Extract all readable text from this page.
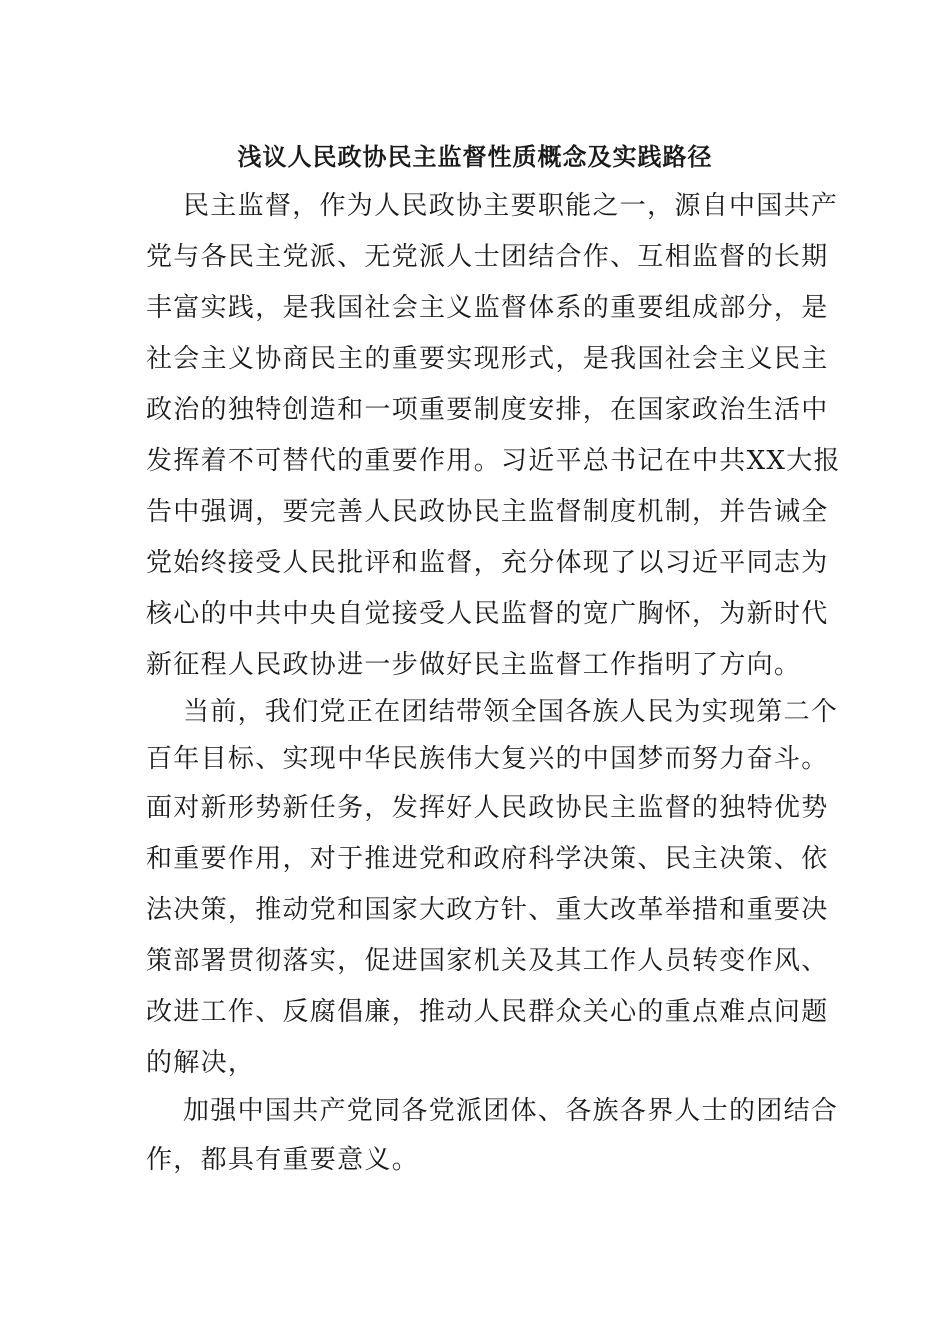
浅议人民政协民主监督性质概念及实践路径

民主监督，作为人民政协主要职能之一，源自中国共产

党与各民主党派、无党派人士团结合作、互相监督的长期

丰富实践，是我国社会主义监督体系的重要组成部分，是

社会主义协商民主的重要实现形式，是我国社会主义民主

政治的独特创造和一项重要制度安排，在国家政治生活中

发挥着不可替代的重要作用。习近平总书记在中共XX大报

告中强调，要完善人民政协民主监督制度机制，并告诫全

党始终接受人民批评和监督，充分体现了以习近平同志为

核心的中共中央自觉接受人民监督的宽广胸怀，为新时代

新征程人民政协进一步做好民主监督工作指明了方向。

当前，我们党正在团结带领全国各族人民为实现第二个

百年目标、实现中华民族伟大复兴的中国梦而努力奋斗。

面对新形势新任务，发挥好人民政协民主监督的独特优势

和重要作用，对于推进党和政府科学决策、民主决策、依

法决策，推动党和国家大政方针、重大改革举措和重要决

策部署贯彻落实，促进国家机关及其工作人员转变作风、

改进工作、反腐倡廉，推动人民群众关心的重点难点问题

的解决，

加强中国共产党同各党派团体、各族各界人士的团结合

作，都具有重要意义。
